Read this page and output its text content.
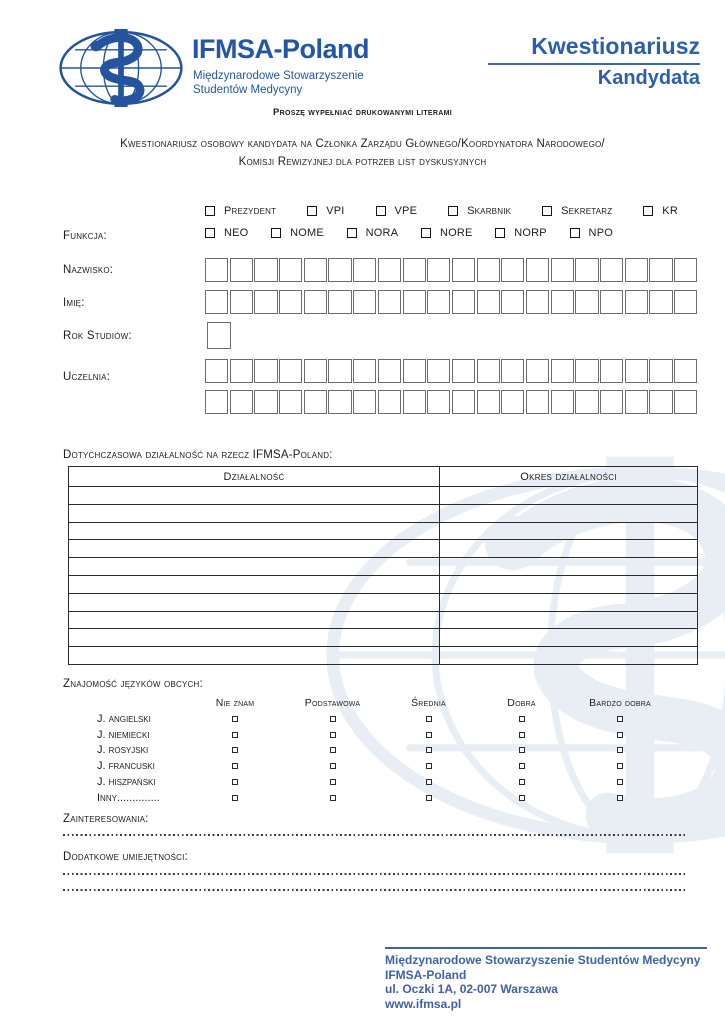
IFMSA-Poland
Międzynarodowe Stowarzyszenie
Studentów Medycyny
Kwestionariusz
Kandydata
Proszę wypełniać drukowanymi literami
Kwestionariusz osobowy kandydata na Członka Zarządu Głównego/Koordynatora Narodowego/
Komisji Rewizyjnej dla potrzeb list dyskusyjnych
Prezydent	VPI	VPE	Skarbnik	Sekretarz	KR
NEO	NOME	NORA	NORE	NORP	NPO
Funkcja:
Nazwisko:
Imię:
Rok Studiów:
Uczelnia:
Dotychczasowa działalność na rzecz IFMSA-Poland:
Działalność	Okres działalności

Znajomość języków obcych:
Nie znam	Podstawowa	Średnia	Dobra	Bardzo dobra
J. angielski
J. niemiecki
J. rosyjski
J. francuski
J. hiszpański
Inny..............
Zainteresowania:
Dodatkowe umiejętności:
Międzynarodowe Stowarzyszenie Studentów Medycyny
IFMSA-Poland
ul. Oczki 1A, 02-007 Warszawa
www.ifmsa.pl
